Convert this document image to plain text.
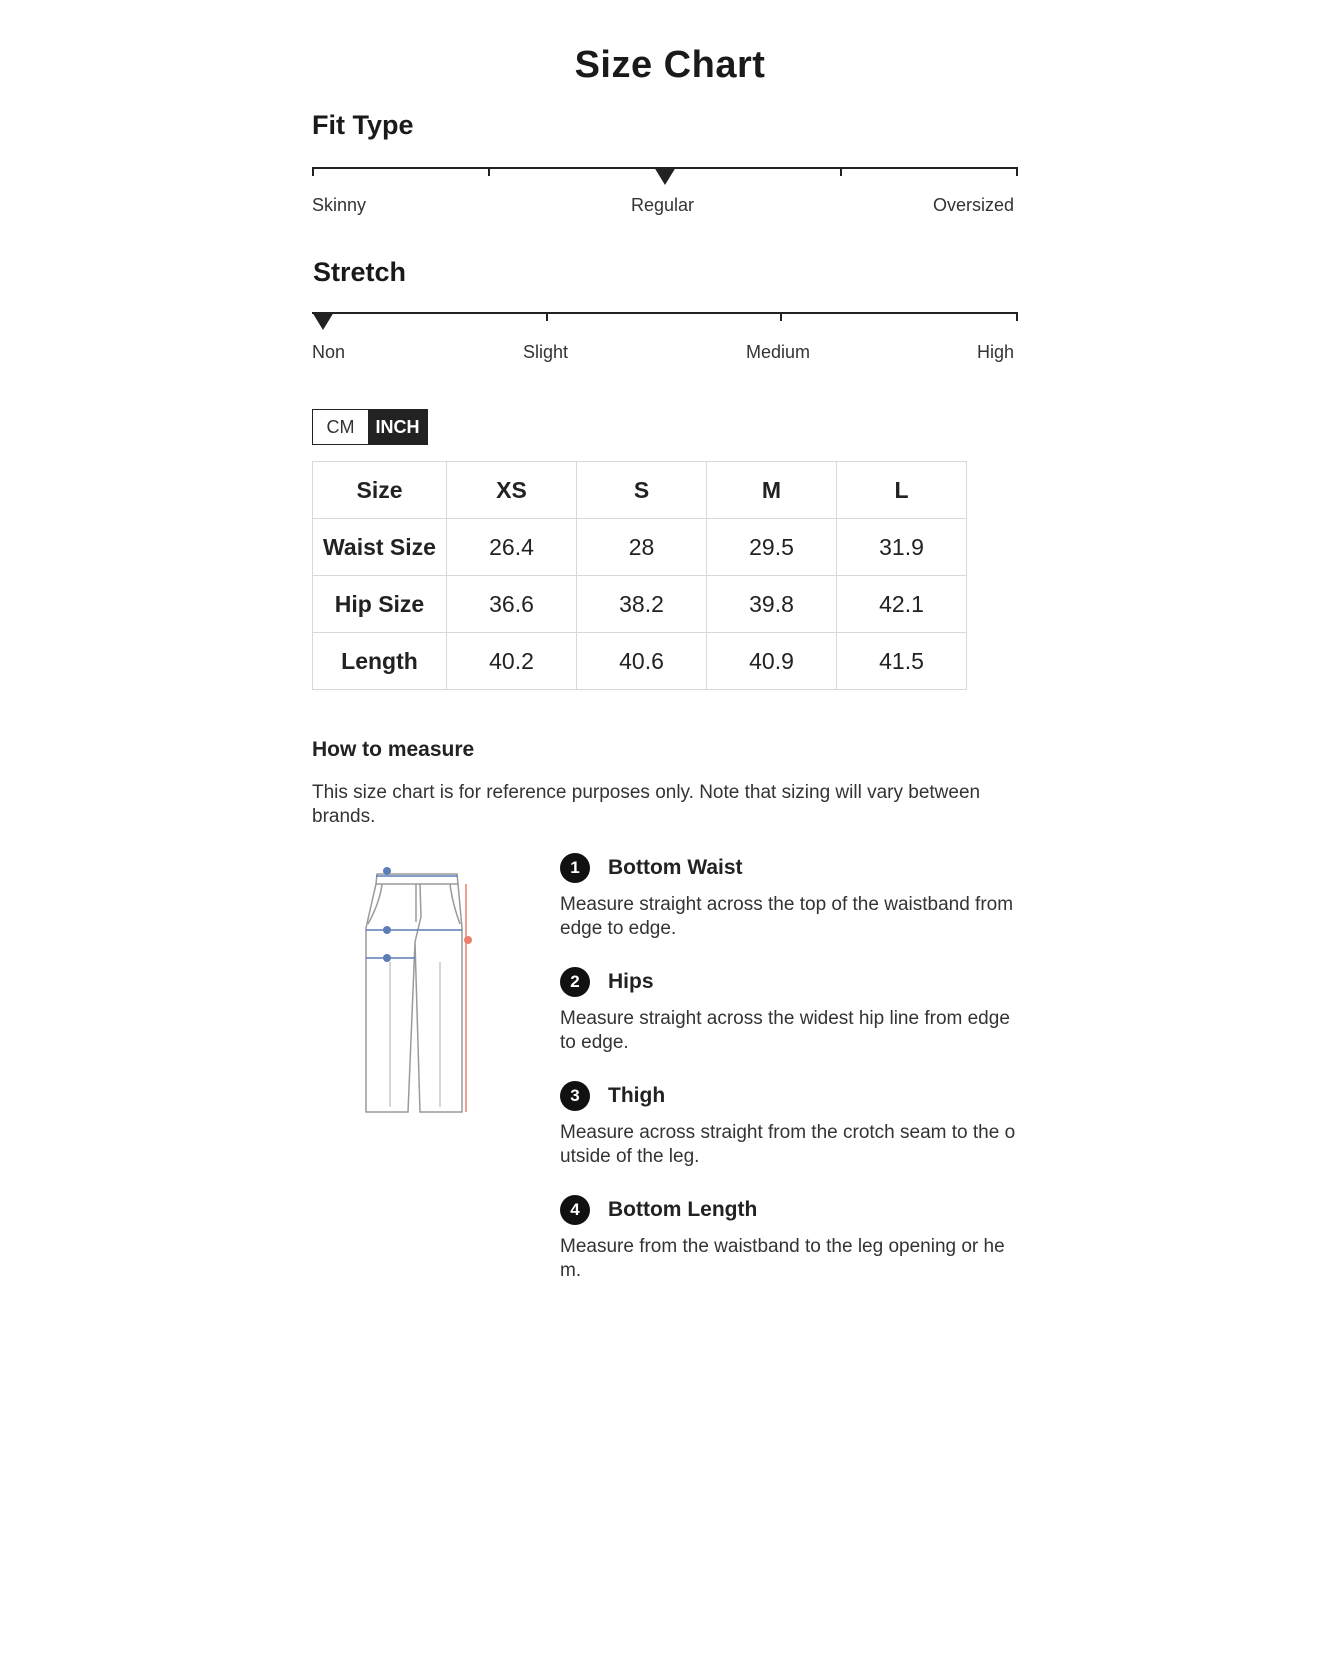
Size Chart
Fit Type
Skinny	Regular	Oversized
Stretch
Non	Slight	Medium	High
CM	INCH
Size	XS	S	M	L
Waist Size	26.4	28	29.5	31.9
Hip Size	36.6	38.2	39.8	42.1
Length	40.2	40.6	40.9	41.5
How to measure
This size chart is for reference purposes only. Note that sizing will vary between brands.
1	Bottom Waist
Measure straight across the top of the waistband from edge to edge.
2	Hips
Measure straight across the widest hip line from edge to edge.
3	Thigh
Measure across straight from the crotch seam to the outside of the leg.
4	Bottom Length
Measure from the waistband to the leg opening or hem.
